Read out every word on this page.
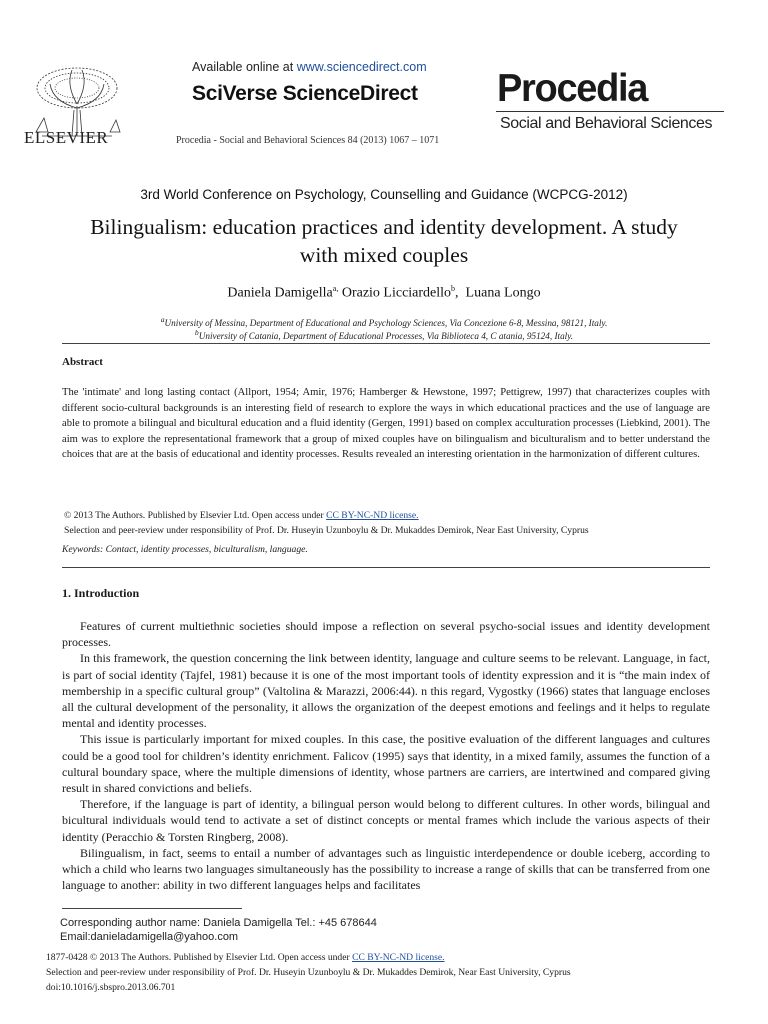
ELSEVIER
Available online at www.sciencedirect.com
SciVerse ScienceDirect
Procedia - Social and Behavioral Sciences 84 (2013) 1067 – 1071
Procedia
Social and Behavioral Sciences
3rd World Conference on Psychology, Counselling and Guidance (WCPCG-2012)
Bilingualism: education practices and identity development. A study with mixed couples
Daniela Damigella$^{a,}$ Orazio Licciardello$^b$,  Luana Longo
$^a$University of Messina, Department of Educational and Psychology Sciences, Via Concezione 6-8, Messina, 98121, Italy.
$^b$University of Catania, Department of Educational Processes, Via Biblioteca 4, C atania, 95124, Italy.
Abstract
The 'intimate' and long lasting contact (Allport, 1954; Amir, 1976; Hamberger & Hewstone, 1997; Pettigrew, 1997) that characterizes couples with different socio-cultural backgrounds is an interesting field of research to explore the ways in which educational practices and the use of language are able to promote a bilingual and bicultural education and a fluid identity (Gergen, 1991) based on complex acculturation processes (Liebkind, 2001). The aim was to explore the representational framework that a group of mixed couples have on bilingualism and biculturalism and to better understand the choices that are at the basis of educational and identity processes. Results revealed an interesting orientation in the harmonization of different cultures.
© 2013 The Authors. Published by Elsevier Ltd. Open access under CC BY-NC-ND license.
Selection and peer-review under responsibility of Prof. Dr. Huseyin Uzunboylu & Dr. Mukaddes Demirok, Near East University, Cyprus
Keywords: Contact, identity processes, biculturalism, language.
1. Introduction

Features of current multiethnic societies should impose a reflection on several psycho-social issues and identity development processes.

In this framework, the question concerning the link between identity, language and culture seems to be relevant. Language, in fact, is part of social identity (Tajfel, 1981) because it is one of the most important tools of identity expression and it is “the main index of membership in a specific cultural group” (Valtolina & Marazzi, 2006:44). n this regard, Vygostky (1966) states that language encloses all the cultural development of the personality, it allows the organization of the deepest emotions and feelings and it helps to regulate mental and identity processes.

This issue is particularly important for mixed couples. In this case, the positive evaluation of the different languages and cultures could be a good tool for children’s identity enrichment. Falicov (1995) says that identity, in a mixed family, assumes the function of a cultural boundary space, where the multiple dimensions of identity, whose partners are carriers, are intertwined and compared giving result in shared convictions and beliefs.

Therefore, if the language is part of identity, a bilingual person would belong to different cultures. In other words, bilingual and bicultural individuals would tend to activate a set of distinct concepts or mental frames which include the various aspects of their identity (Peracchio & Torsten Ringberg, 2008).

Bilingualism, in fact, seems to entail a number of advantages such as linguistic interdependence or double iceberg, according to which a child who learns two languages simultaneously has the possibility to increase a range of skills that can be transferred from one language to another: ability in two different languages helps and facilitates

Corresponding author name: Daniela Damigella Tel.: +45 678644
Email:danieladamigella@yahoo.com
1877-0428 © 2013 The Authors. Published by Elsevier Ltd. Open access under CC BY-NC-ND license.
Selection and peer-review under responsibility of Prof. Dr. Huseyin Uzunboylu & Dr. Mukaddes Demirok, Near East University, Cyprus
doi:10.1016/j.sbspro.2013.06.701
